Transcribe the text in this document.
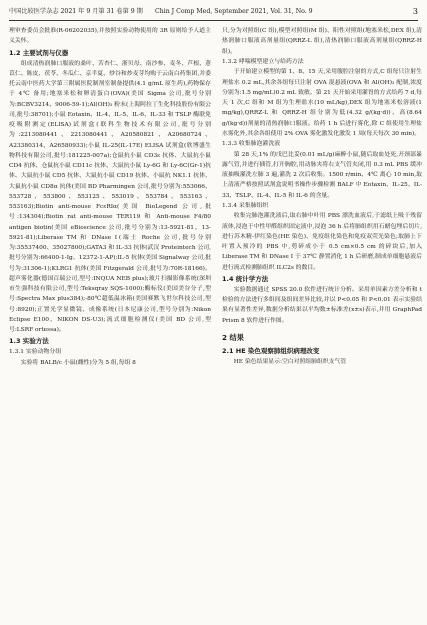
中国比较医学杂志 2021 年 9 月第 31 卷第 9 期 Chin J Comp Med, September 2021, Vol. 31, No. 9	3

理审查委员会批准(R-06202035),并按照实验动物使用的 3R 原则给予人道主义关怀。

1.2 主要试剂与仪器

组成清热润肺口服液的桑叶、苦杏仁、浙贝母、南沙参、麦冬、芦根、薏苡仁、陈皮、茯苓、冬瓜仁、京半夏、炒谷和炒麦芽均购于云南白药集团,并委托云南中医药大学第三附属医院制剂室制备提供(4.1 g/mL 原生药),药物保存于 4℃ 备用;地塞米松和卵清蛋白(OVA)(美国 Sigma 公司,批号分别为:BCBV3214、9006-59-1);Al(OH)₃ 粉末(上海阿拉丁生化科技股份有限公司,批号:38701);小鼠 Eotaxin、IL-4、IL-5、IL-6、IL-33 和 TSLP 酶联免疫吸附测定(ELISA)试剂盒(联科生物技术有限公司,批号分别为:2213080441、2213080441、A20580821、A20680724、A23380314、A26580933);小鼠 IL-25(IL-17E) ELISA 试剂盒(欣博盛生物科技有限公司,批号:181225-007a);仓鼠抗小鼠 CD3ε 抗体、大鼠抗小鼠 CD4 抗体、仓鼠抗小鼠 CD11c 抗体、大鼠抗小鼠 Ly-6G 和 Ly-6C(Gr-1)抗体、大鼠抗小鼠 CD5 抗体、大鼠抗小鼠 CD19 抗体、小鼠抗 NK1.1 抗体、大鼠抗小鼠 CD8α 抗体(美国 BD Pharmingen 公司,批号分别为:553066、553728、553800、553125、553019、553784、553163、553163);Biotin anti-mouse FcεRIα(美国 BioLegend 公司,批号:134304);Biotin rat anti-mouse TER119 和 Anti-mouse F4/80 antigen biotin(美国 eBioscience 公司,批号分别为:13-5921-81、13-5921-81);Liberase TM 和 DNase Ⅰ(瑞士 Roche 公司,批号分别为:35537400、35027800);GATA3 和 IL-33 抗体(武汉 Proteintech 公司,批号分别为:66400-1-Ig、12372-1-AP);IL-5 抗体(美国 Signalway 公司,批号为:31306-1);KLRG1 抗体(美国 Fitzgerald 公司,批号为:70R-18166)。超声雾化器(德国百瑞公司,型号:INQUA NEB plus);玻片扫描影像系统(深圳市生强科技有限公司,型号:Teksqray SQS-1000);酶标仪(美国美谷分子,型号:Spectra Max plus384);-80℃超低温冰箱(美国赛默飞世尔科技公司,型号:8920);正置光学显微镜、成像系统(日本尼康公司,型号分别为:Nikon Eclipse E100、NIKON DS-U3);流式细胞检测仪(美国 BD 公司,型号:LSRF ortessa)。

1.3 实验方法
1.3.1 实验动物分组

实验将 BALB/c 小鼠(雌性)分为 5 组,每组 8

只,分为对照组(C 组),模型对照组(M 组)、阳性对照组(地塞米松,DEX 组),清热润肺口服液高剂量组(QRRZ-L 组),清热润肺口服液高剂量组(QRRZ-H 组)。

1.3.2 哮喘模型建立与给药方法

于开始建立模型的第 1、8、15 天,采用腹腔注射的方式,C 组每只注射生理盐水 0.2 mL,其余各组每只注射 OVA 混悬液(OVA 和 Al(OH)₃ 配制,浓度分别为:1.5 mg/mL)0.2 mL 致敏。第 21 天开始采用灌胃的方式给药 7 d,每天 1 次,C 组和 M 组为生理盐水(10 mL/kg),DEX 组为地塞米松溶液(1 mg/kg),QRRZ-L 和 QRRZ-H 组分别为低(4.32 g/(kg·d))、高(8.64 g/(kg·d))剂量的清热润肺口服液。给药 1 h 后进行雾化,除 C 组使用生理盐水雾化外,其余各组使用 2% OVA 雾化激发化激发 1 周(每天每次 30 min)。

1.3.3 收集肺泡灌洗液

第 28 天,1% 的戊巴比妥(0.01 mL/g)麻醉小鼠,随后取血处死,开颈部暴露气管,并进行插管,打开胸腔,用动脉夹将右支气管夹闭,用 0.3 mL PBS 缓冲液抽吸灌洗左肺 3 遍,灌洗 2 次后收集。1500 r/min、4℃ 离心 10 min,取上清液严格按照试剂盒说明书操作步骤检测 BALF 中 Eotaxin、IL-25、IL-33、TSLP、IL-4、IL-5 和 IL-6 的含量。

1.3.4 采集肺组织

收集完肺泡灌洗液后,取右肺中叶用 PBS 漂洗血液后,于滤纸上吸干残留液体,浸泡于中性甲醛组织固定液中,浸泡 36 h 后将肺组织用石蜡包埋后切片,进行苏木精-伊红染色(HE 染色)、免疫组化染色和免疫双荧光染色;取肺上下叶置入预冷的 PBS 中,剪碎成小于 0.5 cm×0.5 cm 的碎块后,加入 Liberase TM 和 DNase Ⅰ 于 37℃ 静置消化 1 h 后研磨,制成单细胞悬液后进行流式检测肺组织 ILC2s 的数目。

1.4 统计学方法

实验数据通过 SPSS 20.0 软件进行统计分析。采用单因素方差分析和 t 检验的方法进行多组间及组间差异比较,并以 P<0.05 和 P<0.01 表示实验结果有显著性差异,数据分析结果以平均数±标准差(x±s)表示,并用 GraphPad Prism 8 软件进行作图。

2 结果
2.1 HE 染色观察肺组织病理改变

HE 染色结果显示:空白对照组肺组织支气管
